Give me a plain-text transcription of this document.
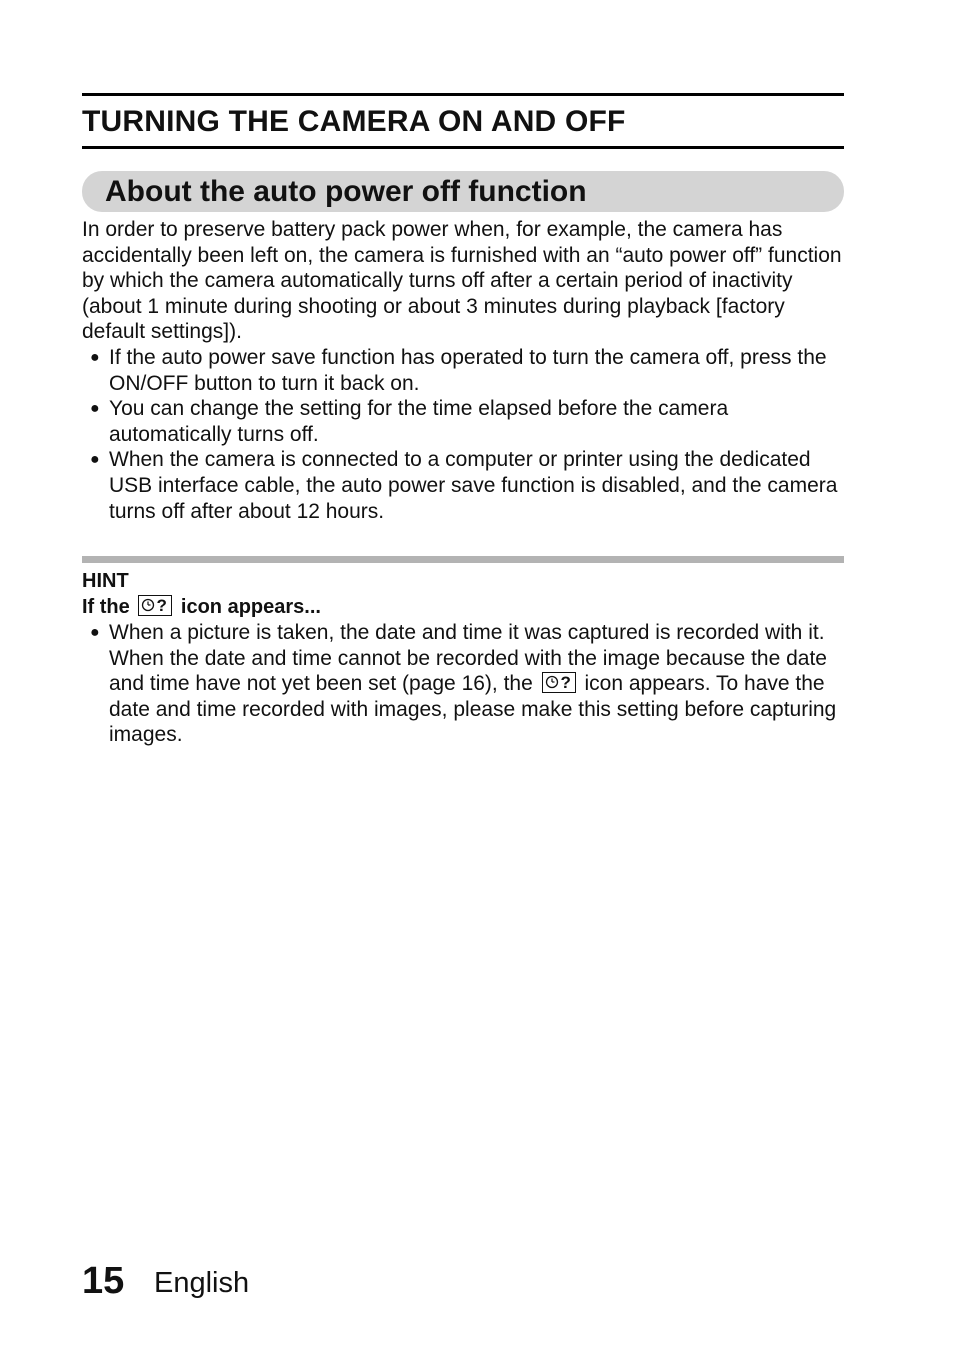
TURNING THE CAMERA ON AND OFF
About the auto power off function

In order to preserve battery pack power when, for example, the camera has accidentally been left on, the camera is furnished with an “auto power off” function by which the camera automatically turns off after a certain period of inactivity (about 1 minute during shooting or about 3 minutes during playback [factory default settings]).

● If the auto power save function has operated to turn the camera off, press the ON/OFF button to turn it back on.
● You can change the setting for the time elapsed before the camera automatically turns off.
● When the camera is connected to a computer or printer using the dedicated USB interface cable, the auto power save function is disabled, and the camera turns off after about 12 hours.

HINT

If the ? icon appears...

● When a picture is taken, the date and time it was captured is recorded with it. When the date and time cannot be recorded with the image because the date and time have not yet been set (page 16), the ? icon appears. To have the date and time recorded with images, please make this setting before capturing images.

15 English
